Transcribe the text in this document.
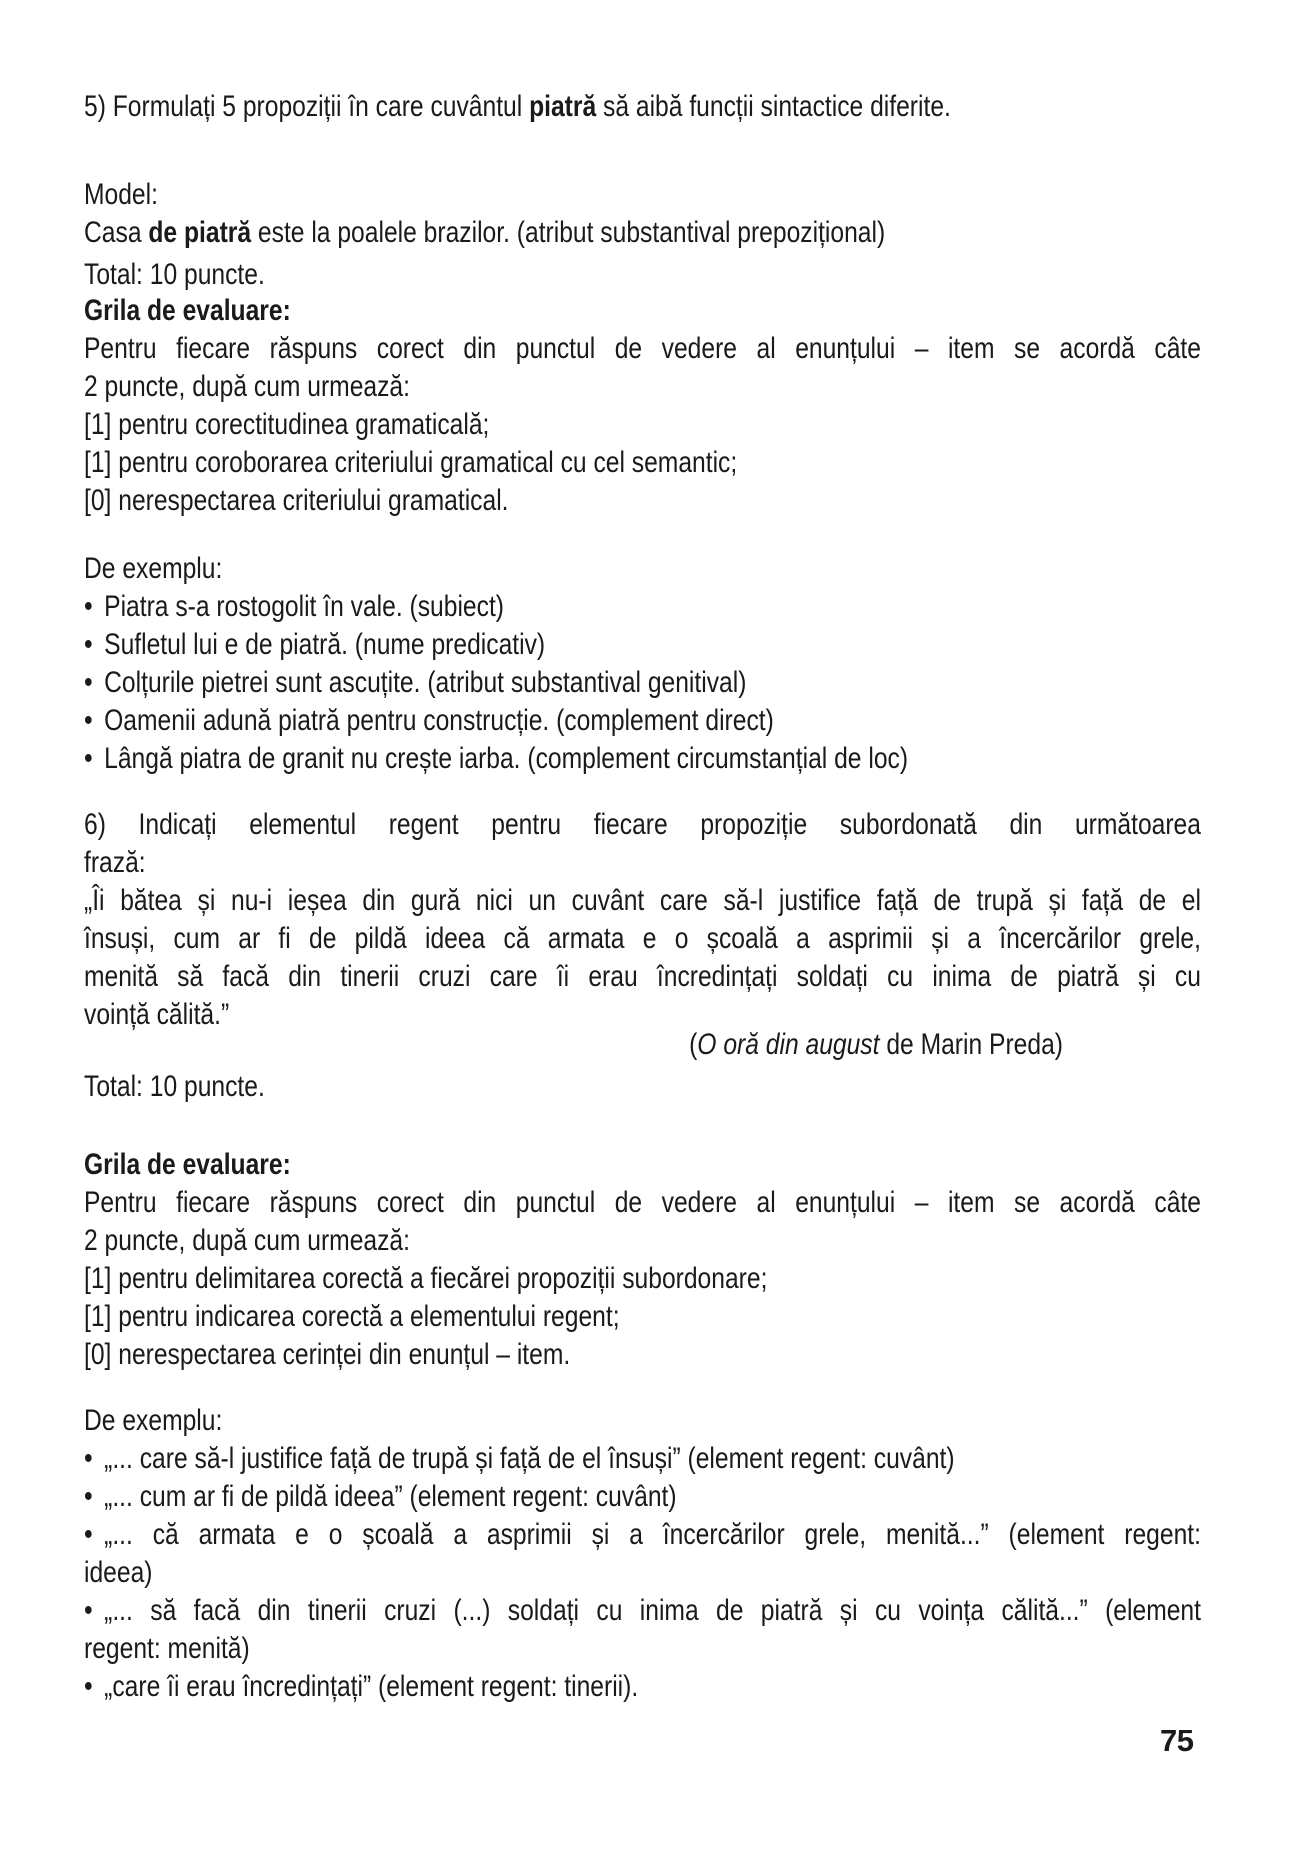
5) Formulați 5 propoziții în care cuvântul piatră să aibă funcții sintactice diferite.
Model:
Casa de piatră este la poalele brazilor. (atribut substantival prepozițional)
Total: 10 puncte.
Grila de evaluare:
Pentru fiecare răspuns corect din punctul de vedere al enunțului – item se acordă câte
2 puncte, după cum urmează:
[1] pentru corectitudinea gramaticală;
[1] pentru coroborarea criteriului gramatical cu cel semantic;
[0] nerespectarea criteriului gramatical.
De exemplu:
• Piatra s-a rostogolit în vale. (subiect)
• Sufletul lui e de piatră. (nume predicativ)
• Colțurile pietrei sunt ascuțite. (atribut substantival genitival)
• Oamenii adună piatră pentru construcție. (complement direct)
• Lângă piatra de granit nu crește iarba. (complement circumstanțial de loc)
6) Indicați elementul regent pentru fiecare propoziție subordonată din următoarea
frază:
„Îi bătea și nu-i ieșea din gură nici un cuvânt care să-l justifice față de trupă și față de el
însuși, cum ar fi de pildă ideea că armata e o școală a asprimii și a încercărilor grele,
menită să facă din tinerii cruzi care îi erau încredințați soldați cu inima de piatră și cu
voință călită.”
(O oră din august de Marin Preda)
Total: 10 puncte.
Grila de evaluare:
Pentru fiecare răspuns corect din punctul de vedere al enunțului – item se acordă câte
2 puncte, după cum urmează:
[1] pentru delimitarea corectă a fiecărei propoziții subordonare;
[1] pentru indicarea corectă a elementului regent;
[0] nerespectarea cerinței din enunțul – item.
De exemplu:
• „... care să-l justifice față de trupă și față de el însuși” (element regent: cuvânt)
• „... cum ar fi de pildă ideea” (element regent: cuvânt)
• „... că armata e o școală a asprimii și a încercărilor grele, menită...” (element regent:
ideea)
• „... să facă din tinerii cruzi (...) soldați cu inima de piatră și cu voința călită...” (element
regent: menită)
• „care îi erau încredințați” (element regent: tinerii).
75
